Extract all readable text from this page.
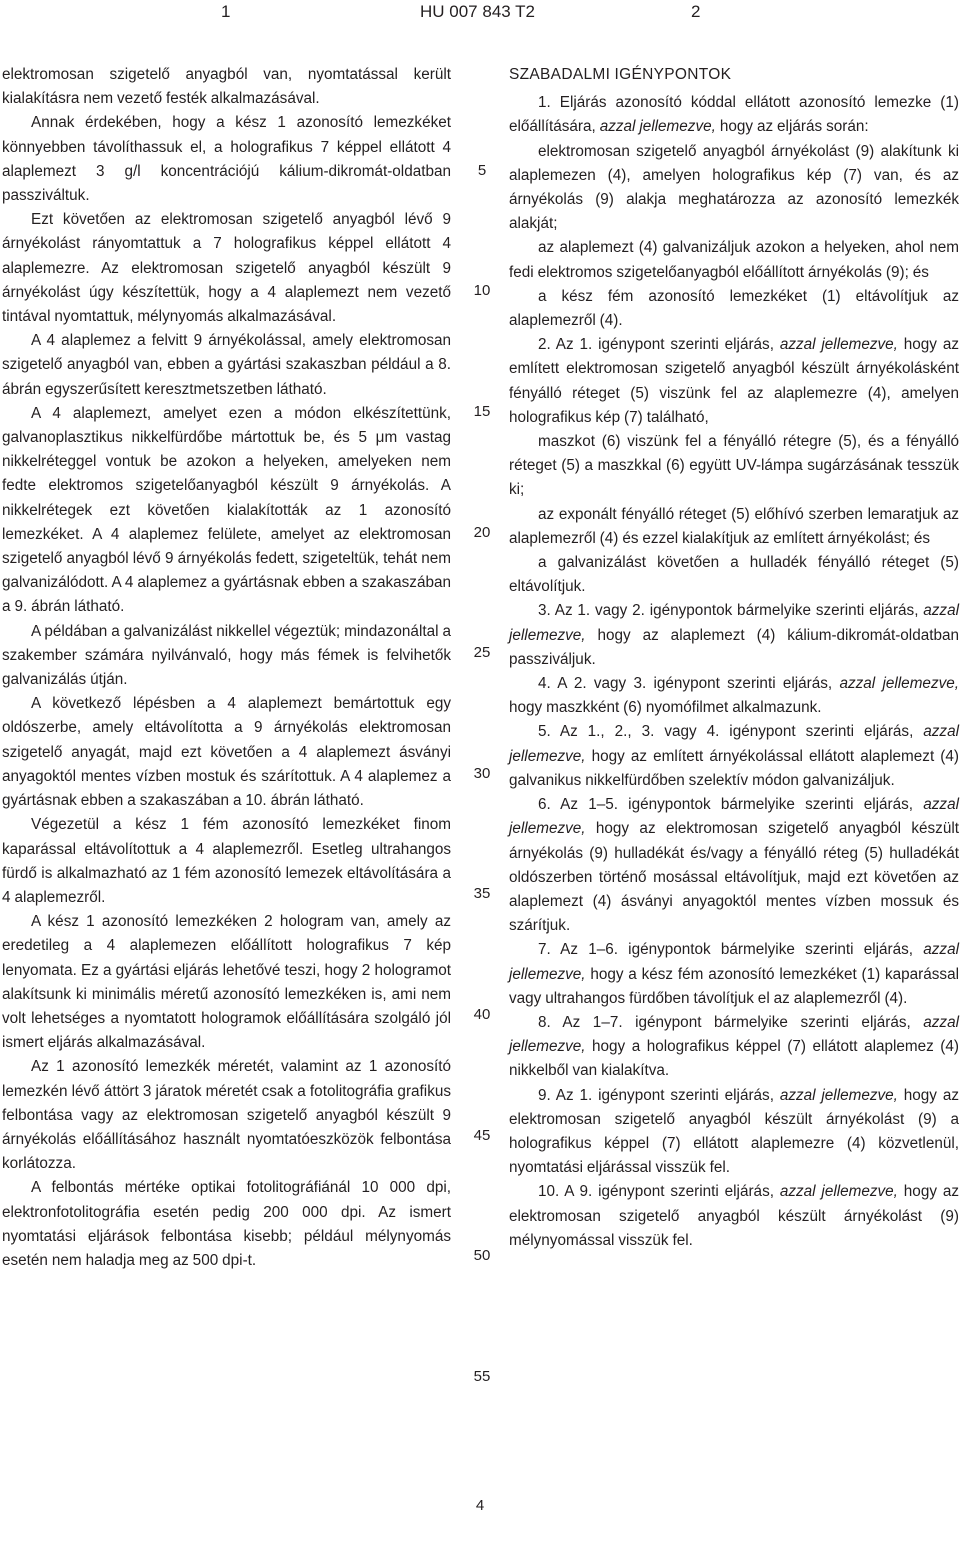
1	HU 007 843 T2	2

elektromosan szigetelő anyagból van, nyomtatással került kialakításra nem vezető festék alkalmazásával.

Annak érdekében, hogy a kész 1 azonosító lemezkéket könnyebben távolíthassuk el, a holografikus 7 képpel ellátott 4 alaplemezt 3 g/l koncentrációjú kálium-dikromát-oldatban passziváltuk.

Ezt követően az elektromosan szigetelő anyagból lévő 9 árnyékolást rányomtattuk a 7 holografikus képpel ellátott 4 alaplemezre. Az elektromosan szigetelő anyagból készült 9 árnyékolást úgy készítettük, hogy a 4 alaplemezt nem vezető tintával nyomtattuk, mélynyomás alkalmazásával.

A 4 alaplemez a felvitt 9 árnyékolással, amely elektromosan szigetelő anyagból van, ebben a gyártási szakaszban például a 8. ábrán egyszerűsített keresztmetszetben látható.

A 4 alaplemezt, amelyet ezen a módon elkészítettünk, galvanoplasztikus nikkelfürdőbe mártottuk be, és 5 μm vastag nikkelréteggel vontuk be azokon a helyeken, amelyeken nem fedte elektromos szigetelőanyagból készült 9 árnyékolás. A nikkelrétegek ezt követően kialakították az 1 azonosító lemezkéket. A 4 alaplemez felülete, amelyet az elektromosan szigetelő anyagból lévő 9 árnyékolás fedett, szigeteltük, tehát nem galvanizálódott. A 4 alaplemez a gyártásnak ebben a szakaszában a 9. ábrán látható.

A példában a galvanizálást nikkellel végeztük; mindazonáltal a szakember számára nyilvánvaló, hogy más fémek is felvihetők galvanizálás útján.

A következő lépésben a 4 alaplemezt bemártottuk egy oldószerbe, amely eltávolította a 9 árnyékolás elektromosan szigetelő anyagát, majd ezt követően a 4 alaplemezt ásványi anyagoktól mentes vízben mostuk és szárítottuk. A 4 alaplemez a gyártásnak ebben a szakaszában a 10. ábrán látható.

Végezetül a kész 1 fém azonosító lemezkéket finom kaparással eltávolítottuk a 4 alaplemezről. Esetleg ultrahangos fürdő is alkalmazható az 1 fém azonosító lemezek eltávolítására a 4 alaplemezről.

A kész 1 azonosító lemezkéken 2 hologram van, amely az eredetileg a 4 alaplemezen előállított holografikus 7 kép lenyomata. Ez a gyártási eljárás lehetővé teszi, hogy 2 hologramot alakítsunk ki minimális méretű azonosító lemezkéken is, ami nem volt lehetséges a nyomtatott hologramok előállítására szolgáló jól ismert eljárás alkalmazásával.

Az 1 azonosító lemezkék méretét, valamint az 1 azonosító lemezkén lévő áttört 3 járatok méretét csak a fotolitográfia grafikus felbontása vagy az elektromosan szigetelő anyagból készült 9 árnyékolás előállításához használt nyomtatóeszközök felbontása korlátozza.

A felbontás mértéke optikai fotolitográfiánál 10 000 dpi, elektronfotolitográfia esetén pedig 200 000 dpi. Az ismert nyomtatási eljárások felbontása kisebb; például mélynyomás esetén nem haladja meg az 500 dpi-t.

5
10
15
20
25
30
35
40
45
50
55

SZABADALMI IGÉNYPONTOK

1. Eljárás azonosító kóddal ellátott azonosító lemezke (1) előállítására, azzal jellemezve, hogy az eljárás során:

elektromosan szigetelő anyagból árnyékolást (9) alakítunk ki alaplemezen (4), amelyen holografikus kép (7) van, és az árnyékolás (9) alakja meghatározza az azonosító lemezkék alakját;

az alaplemezt (4) galvanizáljuk azokon a helyeken, ahol nem fedi elektromos szigetelőanyagból előállított árnyékolás (9); és

a kész fém azonosító lemezkéket (1) eltávolítjuk az alaplemezről (4).

2. Az 1. igénypont szerinti eljárás, azzal jellemezve, hogy az említett elektromosan szigetelő anyagból készült árnyékolásként fényálló réteget (5) viszünk fel az alaplemezre (4), amelyen holografikus kép (7) található,

maszkot (6) viszünk fel a fényálló rétegre (5), és a fényálló réteget (5) a maszkkal (6) együtt UV-lámpa sugárzásának tesszük ki;

az exponált fényálló réteget (5) előhívó szerben lemaratjuk az alaplemezről (4) és ezzel kialakítjuk az említett árnyékolást; és

a galvanizálást követően a hulladék fényálló réteget (5) eltávolítjuk.

3. Az 1. vagy 2. igénypontok bármelyike szerinti eljárás, azzal jellemezve, hogy az alaplemezt (4) kálium-dikromát-oldatban passziváljuk.

4. A 2. vagy 3. igénypont szerinti eljárás, azzal jellemezve, hogy maszkként (6) nyomófilmet alkalmazunk.

5. Az 1., 2., 3. vagy 4. igénypont szerinti eljárás, azzal jellemezve, hogy az említett árnyékolással ellátott alaplemezt (4) galvanikus nikkelfürdőben szelektív módon galvanizáljuk.

6. Az 1–5. igénypontok bármelyike szerinti eljárás, azzal jellemezve, hogy az elektromosan szigetelő anyagból készült árnyékolás (9) hulladékát és/vagy a fényálló réteg (5) hulladékát oldószerben történő mosással eltávolítjuk, majd ezt követően az alaplemezt (4) ásványi anyagoktól mentes vízben mossuk és szárítjuk.

7. Az 1–6. igénypontok bármelyike szerinti eljárás, azzal jellemezve, hogy a kész fém azonosító lemezkéket (1) kaparással vagy ultrahangos fürdőben távolítjuk el az alaplemezről (4).

8. Az 1–7. igénypont bármelyike szerinti eljárás, azzal jellemezve, hogy a holografikus képpel (7) ellátott alaplemez (4) nikkelből van kialakítva.

9. Az 1. igénypont szerinti eljárás, azzal jellemezve, hogy az elektromosan szigetelő anyagból készült árnyékolást (9) a holografikus képpel (7) ellátott alaplemezre (4) közvetlenül, nyomtatási eljárással visszük fel.

10. A 9. igénypont szerinti eljárás, azzal jellemezve, hogy az elektromosan szigetelő anyagból készült árnyékolást (9) mélynyomással visszük fel.

4
